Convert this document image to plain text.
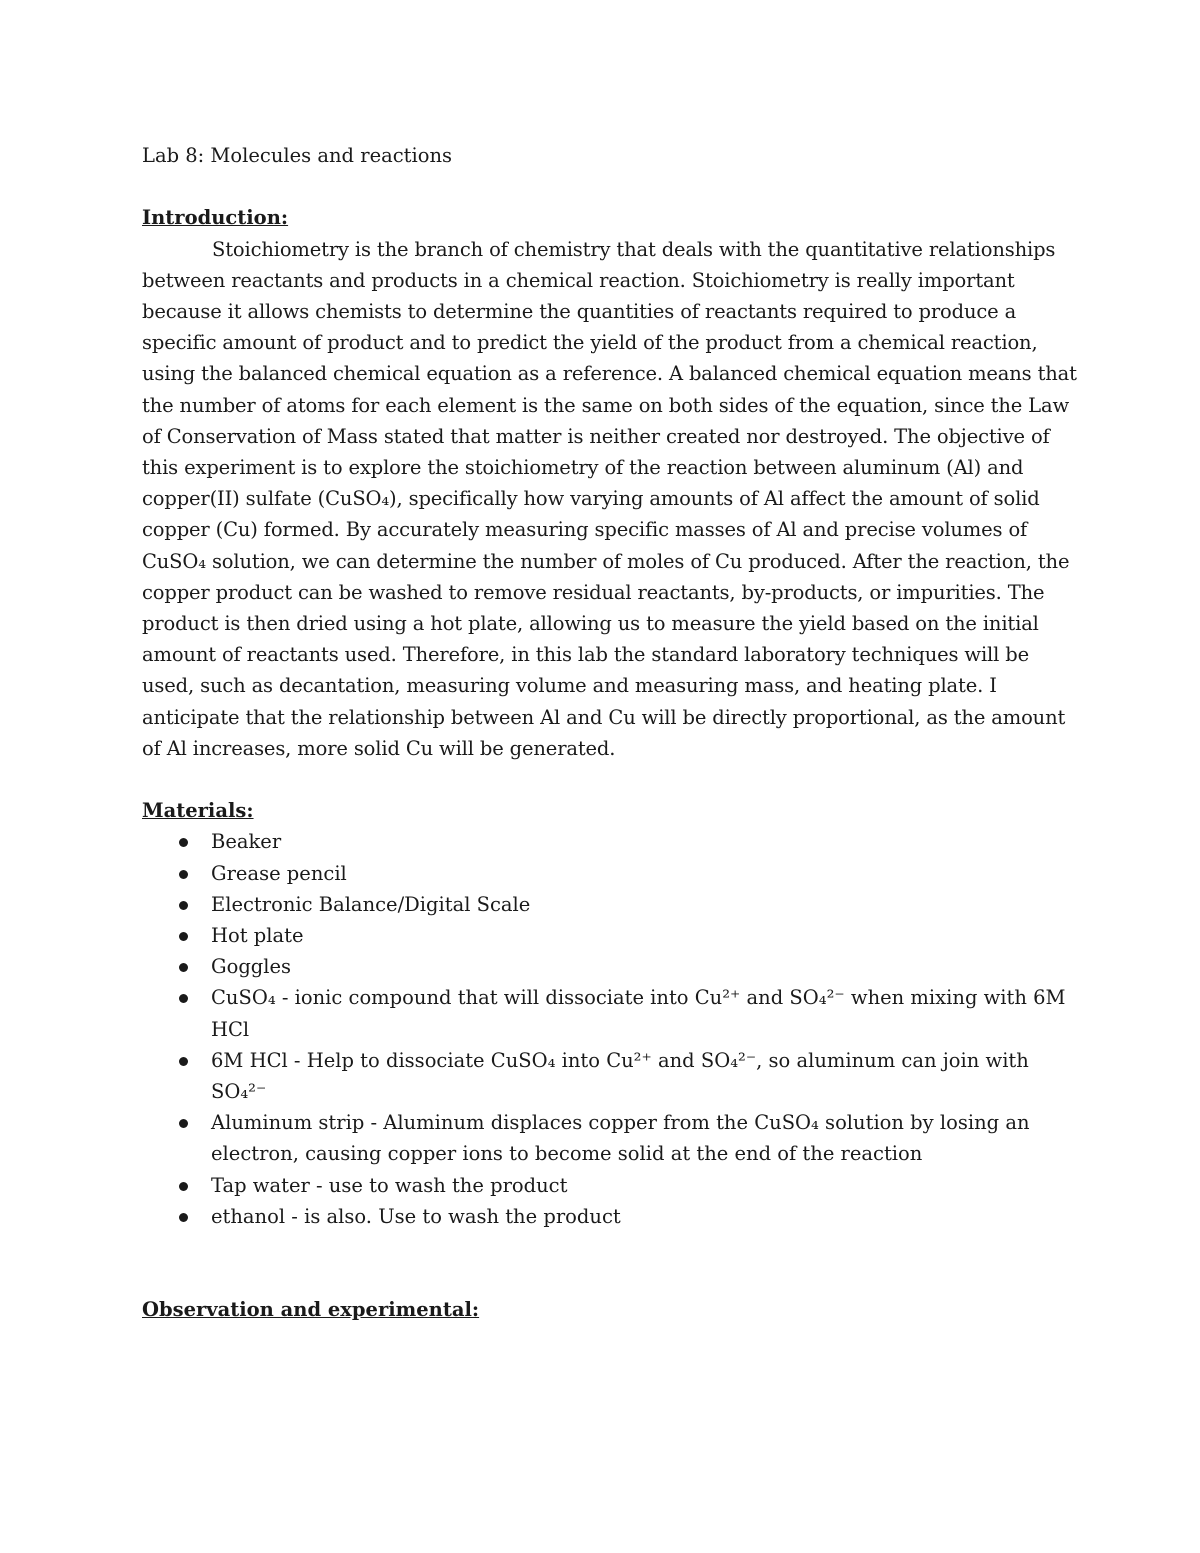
Lab 8: Molecules and reactions

Introduction:

Stoichiometry is the branch of chemistry that deals with the quantitative relationships between reactants and products in a chemical reaction. Stoichiometry is really important because it allows chemists to determine the quantities of reactants required to produce a specific amount of product and to predict the yield of the product from a chemical reaction, using the balanced chemical equation as a reference. A balanced chemical equation means that the number of atoms for each element is the same on both sides of the equation, since the Law of Conservation of Mass stated that matter is neither created nor destroyed. The objective of this experiment is to explore the stoichiometry of the reaction between aluminum (Al) and copper(II) sulfate (CuSO₄), specifically how varying amounts of Al affect the amount of solid copper (Cu) formed. By accurately measuring specific masses of Al and precise volumes of CuSO₄ solution, we can determine the number of moles of Cu produced. After the reaction, the copper product can be washed to remove residual reactants, by-products, or impurities. The product is then dried using a hot plate, allowing us to measure the yield based on the initial amount of reactants used. Therefore, in this lab the standard laboratory techniques will be used, such as decantation, measuring volume and measuring mass, and heating plate. I anticipate that the relationship between Al and Cu will be directly proportional, as the amount of Al increases, more solid Cu will be generated.

Materials:

Beaker
Grease pencil
Electronic Balance/Digital Scale
Hot plate
Goggles
CuSO₄ - ionic compound that will dissociate into Cu²⁺ and SO₄²⁻ when mixing with 6M HCl
6M HCl - Help to dissociate CuSO₄ into Cu²⁺ and SO₄²⁻, so aluminum can join with SO₄²⁻
Aluminum strip - Aluminum displaces copper from the CuSO₄ solution by losing an electron, causing copper ions to become solid at the end of the reaction
Tap water - use to wash the product
ethanol - is also. Use to wash the product

Observation and experimental:
